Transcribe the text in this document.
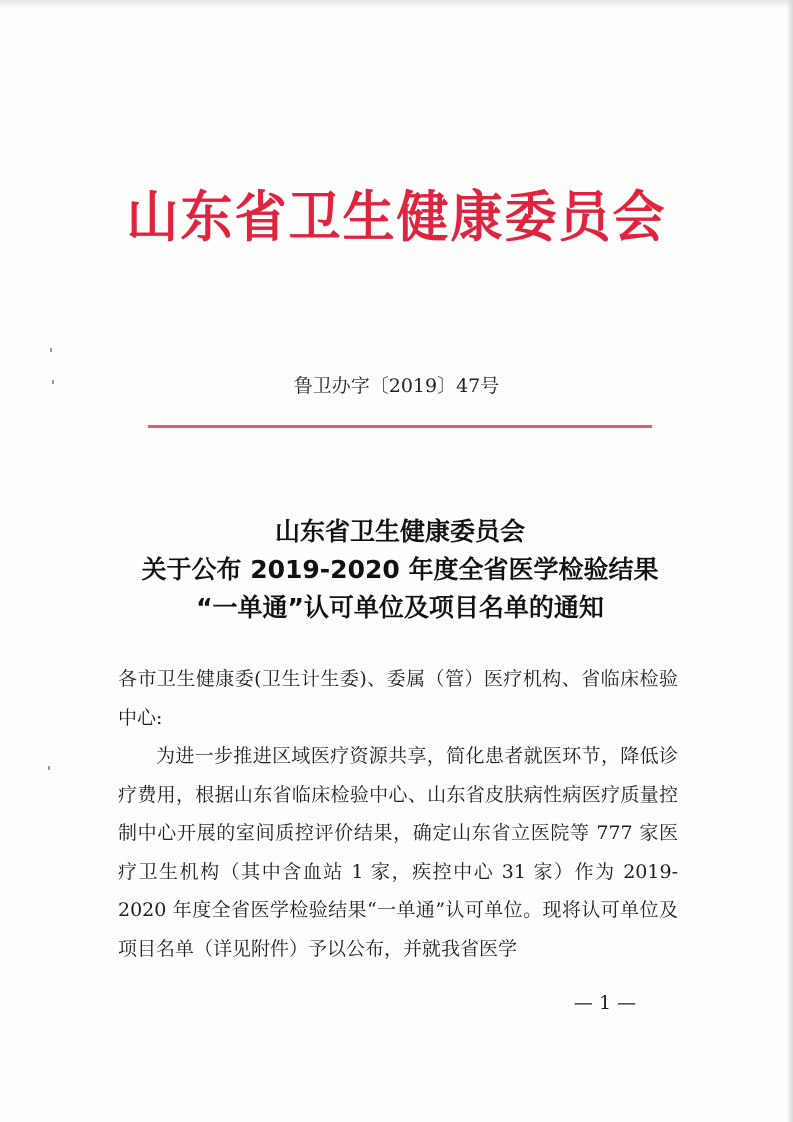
山东省卫生健康委员会
鲁卫办字〔2019〕47号
山东省卫生健康委员会
关于公布 2019-2020 年度全省医学检验结果
“一单通”认可单位及项目名单的通知

各市卫生健康委(卫生计生委)、委属（管）医疗机构、省临床检验中心:

为进一步推进区域医疗资源共享，简化患者就医环节，降低诊疗费用，根据山东省临床检验中心、山东省皮肤病性病医疗质量控制中心开展的室间质控评价结果，确定山东省立医院等 777 家医疗卫生机构（其中含血站 1 家，疾控中心 31 家）作为 2019-2020 年度全省医学检验结果“一单通”认可单位。现将认可单位及项目名单（详见附件）予以公布，并就我省医学

— 1 —
